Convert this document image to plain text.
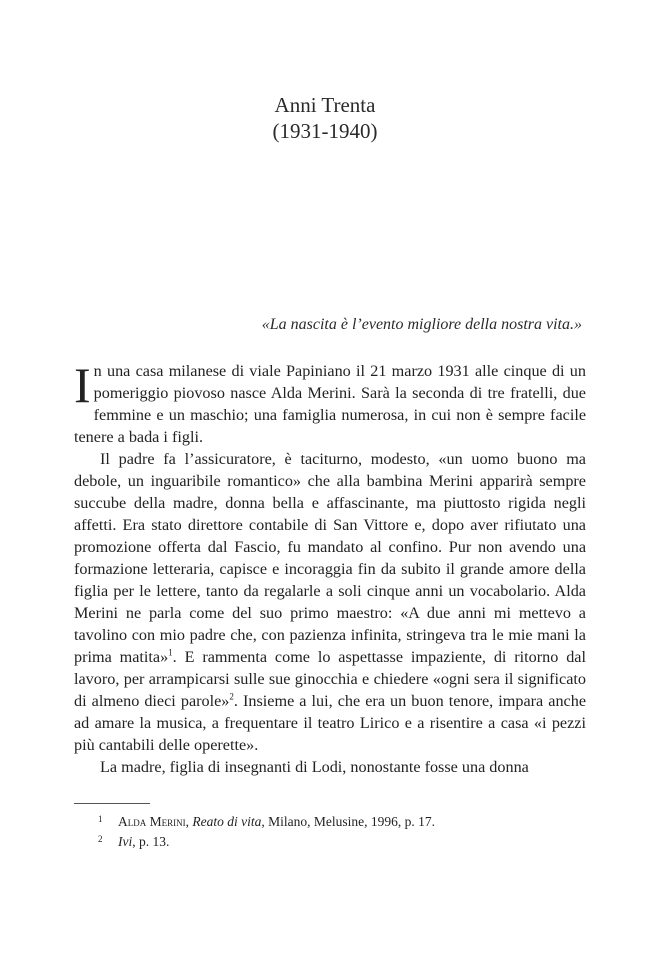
Anni Trenta
(1931-1940)
«La nascita è l’evento migliore della nostra vita.»

In una casa milanese di viale Papiniano il 21 marzo 1931 alle cinque di un pomeriggio piovoso nasce Alda Merini. Sarà la seconda di tre fratelli, due femmine e un maschio; una famiglia numerosa, in cui non è sempre facile tenere a bada i figli.

Il padre fa l’assicuratore, è taciturno, modesto, «un uomo buono ma debole, un inguaribile romantico» che alla bambina Merini apparirà sempre succube della madre, donna bella e affascinante, ma piuttosto rigida negli affetti. Era stato direttore contabile di San Vittore e, dopo aver rifiutato una promozione offerta dal Fascio, fu mandato al confino. Pur non avendo una formazione letteraria, capisce e incoraggia fin da subito il grande amore della figlia per le lettere, tanto da regalarle a soli cinque anni un vocabolario. Alda Merini ne parla come del suo primo maestro: «A due anni mi mettevo a tavolino con mio padre che, con pazienza infinita, stringeva tra le mie mani la prima matita»$^1$. E rammenta come lo aspettasse impaziente, di ritorno dal lavoro, per arrampicarsi sulle sue ginocchia e chiedere «ogni sera il significato di almeno dieci parole»$^2$. Insieme a lui, che era un buon tenore, impara anche ad amare la musica, a frequentare il teatro Lirico e a risentire a casa «i pezzi più cantabili delle operette».

La madre, figlia di insegnanti di Lodi, nonostante fosse una donna

1 Alda Merini, Reato di vita, Milano, Melusine, 1996, p. 17.
2 Ivi, p. 13.
